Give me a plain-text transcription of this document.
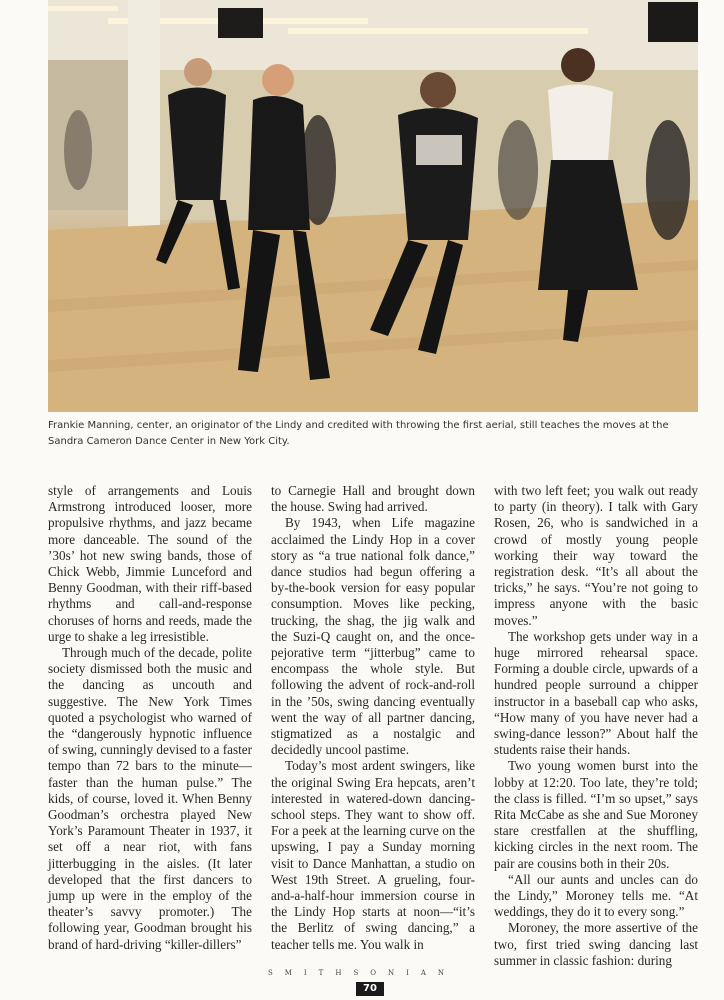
Frankie Manning, center, an originator of the Lindy and credited with throwing the first aerial, still teaches the moves at the Sandra Cameron Dance Center in New York City.

style of arrangements and Louis Armstrong introduced looser, more propulsive rhythms, and jazz became more danceable. The sound of the ’30s’ hot new swing bands, those of Chick Webb, Jimmie Lunceford and Benny Goodman, with their riff-based rhythms and call-and-response choruses of horns and reeds, made the urge to shake a leg irresistible.

Through much of the decade, polite society dismissed both the music and the dancing as uncouth and suggestive. The New York Times quoted a psychologist who warned of the “dangerously hypnotic influence of swing, cunningly devised to a faster tempo than 72 bars to the minute—faster than the human pulse.” The kids, of course, loved it. When Benny Goodman’s orchestra played New York’s Paramount Theater in 1937, it set off a near riot, with fans jitterbugging in the aisles. (It later developed that the first dancers to jump up were in the employ of the theater’s savvy promoter.) The following year, Goodman brought his brand of hard-driving “killer-dillers”

to Carnegie Hall and brought down the house. Swing had arrived.

By 1943, when Life magazine acclaimed the Lindy Hop in a cover story as “a true national folk dance,” dance studios had begun offering a by-the-book version for easy popular consumption. Moves like pecking, trucking, the shag, the jig walk and the Suzi-Q caught on, and the once-pejorative term “jitterbug” came to encompass the whole style. But following the advent of rock-and-roll in the ’50s, swing dancing eventually went the way of all partner dancing, stigmatized as a nostalgic and decidedly uncool pastime.

Today’s most ardent swingers, like the original Swing Era hepcats, aren’t interested in watered-down dancing-school steps. They want to show off. For a peek at the learning curve on the upswing, I pay a Sunday morning visit to Dance Manhattan, a studio on West 19th Street. A grueling, four-and-a-half-hour immersion course in the Lindy Hop starts at noon—“it’s the Berlitz of swing dancing,” a teacher tells me. You walk in

with two left feet; you walk out ready to party (in theory). I talk with Gary Rosen, 26, who is sandwiched in a crowd of mostly young people working their way toward the registration desk. “It’s all about the tricks,” he says. “You’re not going to impress anyone with the basic moves.”

The workshop gets under way in a huge mirrored rehearsal space. Forming a double circle, upwards of a hundred people surround a chipper instructor in a baseball cap who asks, “How many of you have never had a swing-dance lesson?” About half the students raise their hands.

Two young women burst into the lobby at 12:20. Too late, they’re told; the class is filled. “I’m so upset,” says Rita McCabe as she and Sue Moroney stare crestfallen at the shuffling, kicking circles in the next room. The pair are cousins both in their 20s.

“All our aunts and uncles can do the Lindy,” Moroney tells me. “At weddings, they do it to every song.”

Moroney, the more assertive of the two, first tried swing dancing last summer in classic fashion: during

SMITHSONIAN
70
